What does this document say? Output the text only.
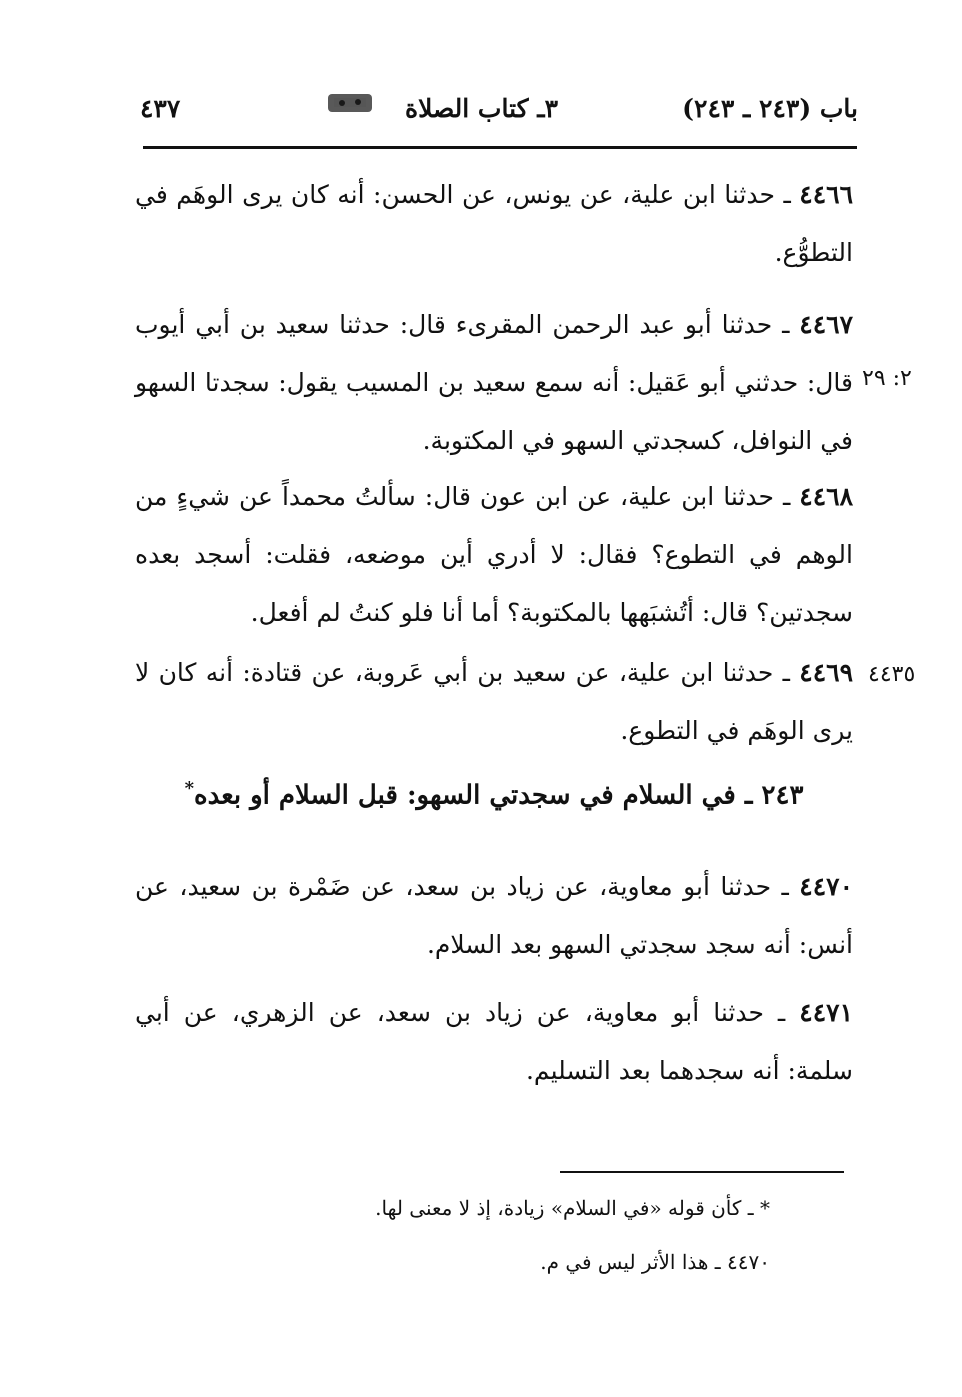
باب (٢٤٣ ـ ٢٤٣)
٣ـ كتاب الصلاة
٤٣٧

٤٤٦٦ ـ حدثنا ابن علية، عن يونس، عن الحسن: أنه كان يرى الوهَم في التطوُّع.

٤٤٦٧ ـ حدثنا أبو عبد الرحمن المقرىء قال: حدثنا سعيد بن أبي أيوب قال: حدثني أبو عَقيل: أنه سمع سعيد بن المسيب يقول: سجدتا السهو في النوافل، كسجدتي السهو في المكتوبة.

٢: ٢٩

٤٤٦٨ ـ حدثنا ابن علية، عن ابن عون قال: سألتُ محمداً عن شيءٍ من الوهم في التطوع؟ فقال: لا أدري أين موضعه، فقلت: أسجد بعده سجدتين؟ قال: أتُشبَهها بالمكتوبة؟ أما أنا فلو كنتُ لم أفعل.

٤٤٦٩ ـ حدثنا ابن علية، عن سعيد بن أبي عَروبة، عن قتادة: أنه كان لا يرى الوهَم في التطوع.

٤٤٣٥
٢٤٣ ـ في السلام في سجدتي السهو: قبل السلام أو بعده*

٤٤٧٠ ـ حدثنا أبو معاوية، عن زياد بن سعد، عن ضَمْرة بن سعيد، عن أنس: أنه سجد سجدتي السهو بعد السلام.

٤٤٧١ ـ حدثنا أبو معاوية، عن زياد بن سعد، عن الزهري، عن أبي سلمة: أنه سجدهما بعد التسليم.

* ـ كأن قوله «في السلام» زيادة، إذ لا معنى لها.

٤٤٧٠ ـ هذا الأثر ليس في م.
